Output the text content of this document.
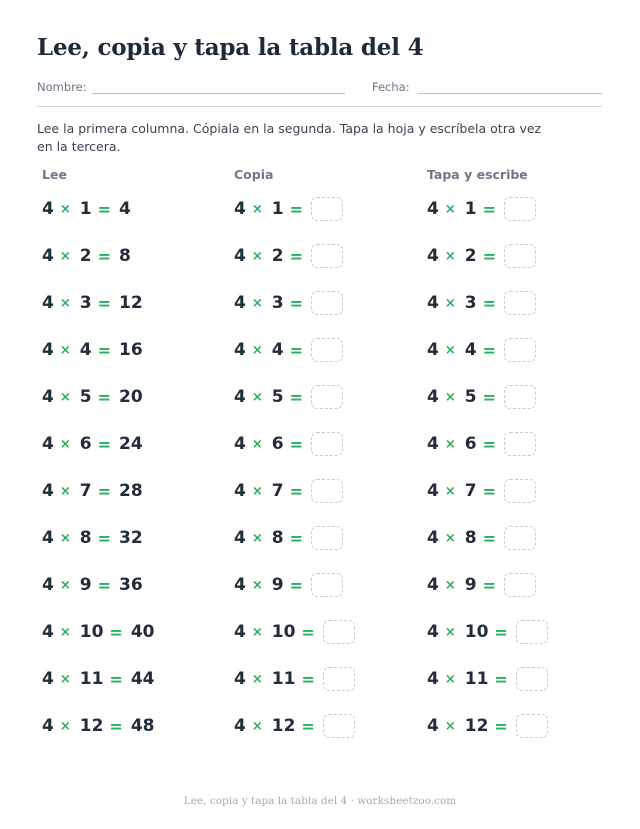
Lee, copia y tapa la tabla del 4
Nombre:	Fecha:
Lee la primera columna. Cópiala en la segunda. Tapa la hoja y escríbela otra vez en la tercera.
Lee	Copia	Tapa y escribe
4 × 1 = 4	4 × 1 =	4 × 1 =
4 × 2 = 8	4 × 2 =	4 × 2 =
4 × 3 = 12	4 × 3 =	4 × 3 =
4 × 4 = 16	4 × 4 =	4 × 4 =
4 × 5 = 20	4 × 5 =	4 × 5 =
4 × 6 = 24	4 × 6 =	4 × 6 =
4 × 7 = 28	4 × 7 =	4 × 7 =
4 × 8 = 32	4 × 8 =	4 × 8 =
4 × 9 = 36	4 × 9 =	4 × 9 =
4 × 10 = 40	4 × 10 =	4 × 10 =
4 × 11 = 44	4 × 11 =	4 × 11 =
4 × 12 = 48	4 × 12 =	4 × 12 =
Lee, copia y tapa la tabla del 4 · worksheetzoo.com
